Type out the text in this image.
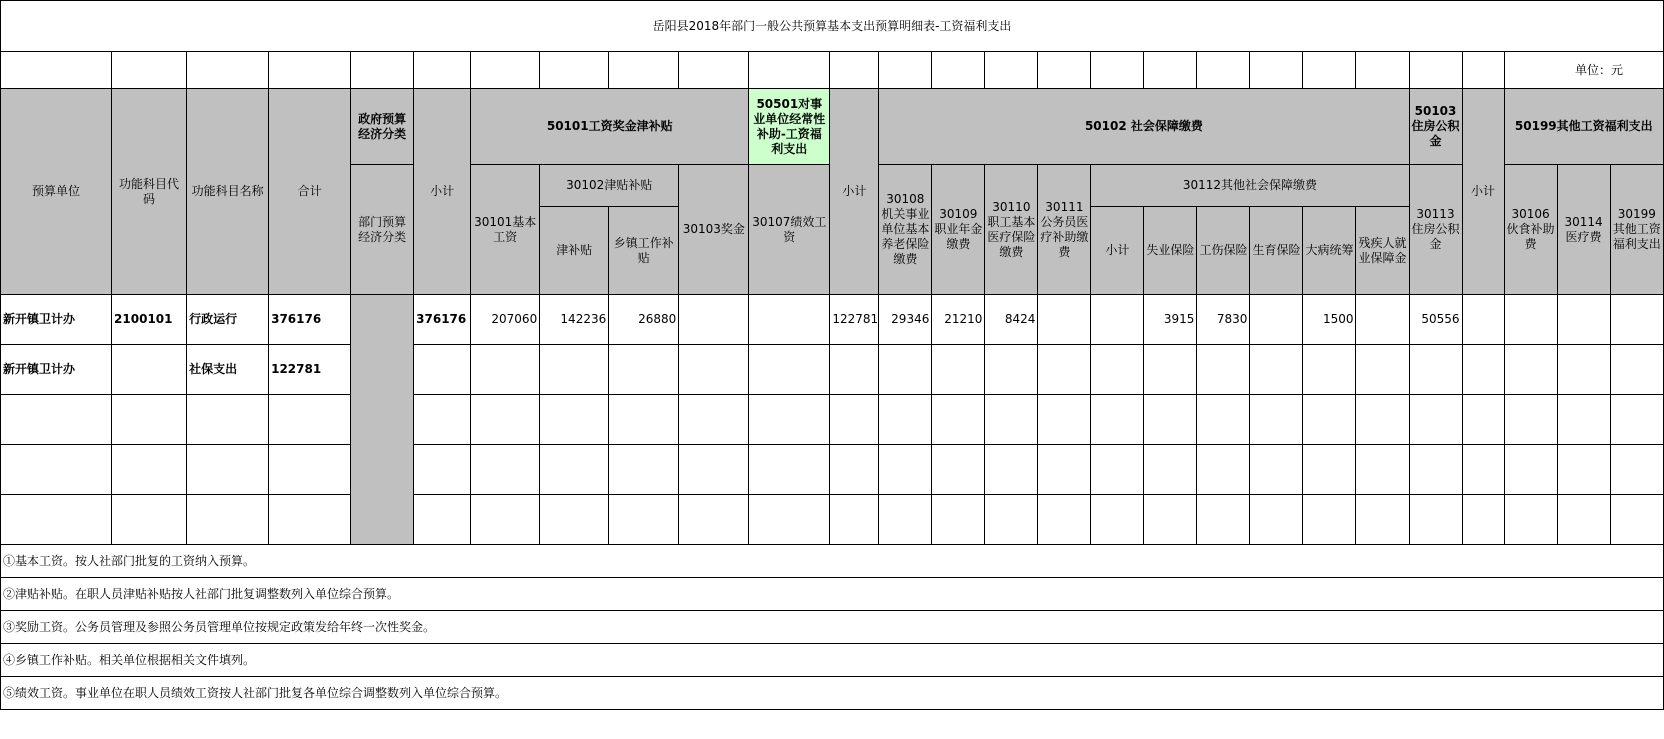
岳阳县2018年部门一般公共预算基本支出预算明细表-工资福利支出																										
																								单位：元		
预算单位	功能科目代码	功能科目名称	合计	政府预算经济分类	小计	50101工资奖金津补贴				50501对事业单位经常性补助-工资福利支出	小计	50102 社会保障缴费										50103住房公积金	小计	50199其他工资福利支出		
				部门预算经济分类		30101基本工资	30102津贴补贴		30103奖金	30107绩效工资		30108机关事业单位基本养老保险缴费	30109职业年金缴费	30110职工基本医疗保险缴费	30111公务员医疗补助缴费	30112其他社会保障缴费						30113住房公积金		30106伙食补助费	30114医疗费	30199其他工资福利支出
							津补贴	乡镇工作补贴								小计	失业保险	工伤保险	生育保险	大病统筹	残疾人就业保障金					
新开镇卫计办	2100101	行政运行	376176		376176	207060	142236	26880			122781	29346	21210	8424			3915	7830		1500		50556				
新开镇卫计办		社保支出	122781																							

①基本工资。按人社部门批复的工资纳入预算。																										
②津贴补贴。在职人员津贴补贴按人社部门批复调整数列入单位综合预算。																										
③奖励工资。公务员管理及参照公务员管理单位按规定政策发给年终一次性奖金。																										
④乡镇工作补贴。相关单位根据相关文件填列。																										
⑤绩效工资。事业单位在职人员绩效工资按人社部门批复各单位综合调整数列入单位综合预算。																										
